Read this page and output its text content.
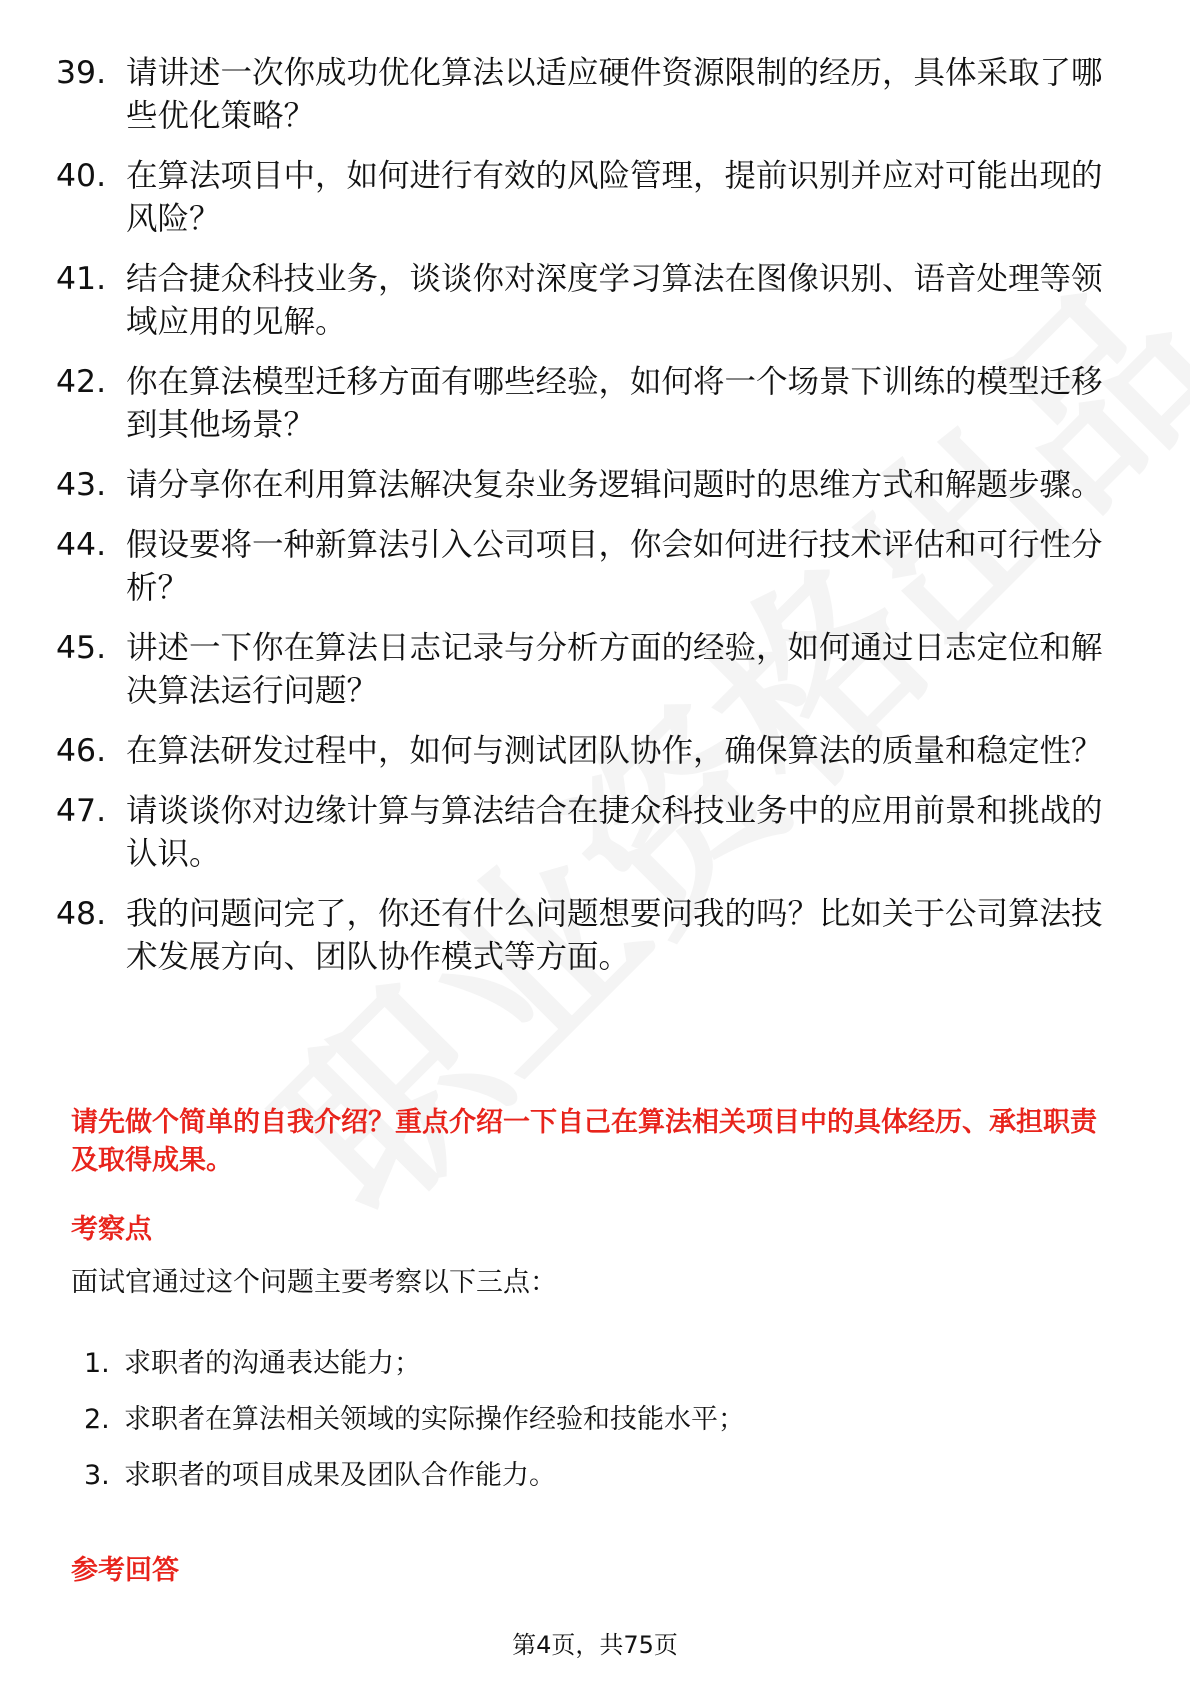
39. 请讲述一次你成功优化算法以适应硬件资源限制的经历，具体采取了哪些优化策略？
40. 在算法项目中，如何进行有效的风险管理，提前识别并应对可能出现的风险？
41. 结合捷众科技业务，谈谈你对深度学习算法在图像识别、语音处理等领域应用的见解。
42. 你在算法模型迁移方面有哪些经验，如何将一个场景下训练的模型迁移到其他场景？
43. 请分享你在利用算法解决复杂业务逻辑问题时的思维方式和解题步骤。
44. 假设要将一种新算法引入公司项目，你会如何进行技术评估和可行性分析？
45. 讲述一下你在算法日志记录与分析方面的经验，如何通过日志定位和解决算法运行问题？
46. 在算法研发过程中，如何与测试团队协作，确保算法的质量和稳定性？
47. 请谈谈你对边缘计算与算法结合在捷众科技业务中的应用前景和挑战的认识。
48. 我的问题问完了，你还有什么问题想要问我的吗？比如关于公司算法技术发展方向、团队协作模式等方面。

请先做个简单的自我介绍？重点介绍一下自己在算法相关项目中的具体经历、承担职责及取得成果。

考察点

面试官通过这个问题主要考察以下三点：

1. 求职者的沟通表达能力；
2. 求职者在算法相关领域的实际操作经验和技能水平；
3. 求职者的项目成果及团队合作能力。

参考回答

第4页，共75页
